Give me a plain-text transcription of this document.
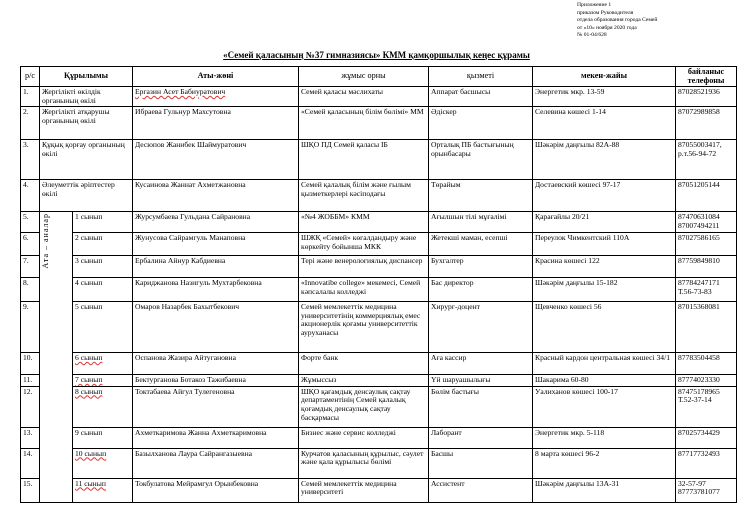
Приложение 1
приказом Руководителя
отдела образования города Семей
от «10» ноября 2020 года
№ 01-04/628
«Семей қаласының №37 гимназиясы» КММ қамқоршылық кеңес құрамы
р/с	Құрылымы		Аты-жөні	жұмыс орны	қызметі	мекен-жайы	байланыс телефоны
1.	Жергілікті өкілдік органының өкілі		Ергазин Асет Бабиуратович	Семей қаласы мәслихаты	Аппарат басшысы	Энергетик мкр. 13-59	87028521936
2.	Жергілікті атқарушы органының өкілі		Ибраева Гульнур Махсутовна	«Семей қаласының білім бөлімі» ММ	Әдіскер	Селевина көшесі 1-14	87072989858
3.	Құқық қорғау органының өкілі		Десюпов Жанибек Шаймуратович	ШҚО ПД Семей қаласы ІБ	Орталық ПБ бастығының орынбасары	Шәкәрім даңғылы 82А-88	87055003417, р.т.56-94-72
4.	Әлеуметтік әріптестер өкілі		Кусаинова Жаннат Ахметжановна	Семей қалалық білім және ғылым қызметкерлері кәсіподағы	Төрайым	Достаевский көшесі 97-17	87051205144
5.	Ата – аналар	1 сынып	Журсумбаева Гульдана Сайрановна	«№4 ЖОББМ» КММ	Ағылшын тілі мұғалімі	Қарағайлы 20/21	87470631084 87007494211
6.		2 сынып	Жунусова Сайрамгуль Манаповна	ШЖҚ «Семей» көгалдандыру және көркейту бойынша МКК	Жетекші маман, есепші	Переулок Чимкентский 110А	87027586165
7.		3 сынып	Ербалина Айнур Кабдиевна	Тері және венерологиялық диспансер	Бухгалтер	Красина көшесі 122	87759849810
8.		4 сынып	Кариджанова Назигуль Мухтарбековна	«Innovatibe college» мекемесі, Семей кәпсалалы колледжі	Бас директор	Шәкәрім даңғылы 15-182	87784247171 Т.56-73-83
9.		5 сынып	Омаров Назарбек Бахытбекович	Семей мемлекеттік медицина университетінің коммерциялық емес акционерлік қоғамы университеттік ауруханасы	Хирург-доцент	Щевченко көшесі 56	87015368081
10.		6 сынып	Оспанова Жазира Айтугановна	Форте банк	Аға кассир	Красный кардон центральная көшесі 34/1	87783504458
11.		7 сынып	Бектурганова Ботакоз Тажибаевна	Жұмыссыз	Үй шаруашылығы	Шакарима 60-80	87774023330
12.		8 сынып	Токтабаева Айгул Тулегеновна	ШҚО қағамдық денсаулық сақтау департаментінің Семей қалалық қоғамдық денсаулық сақтау басқармасы	Бөлім бастығы	Уалиханов көшесі 100-17	87475178965 Т.52-37-14
13.		9 сынып	Ахметкаримова Жанна Ахметкаримовна	Бизнес және сервис колледжі	Лаборант	Энергетик мкр. 5-118	87025734429
14.		10 сынып	Базылханова Лаура Сайрангазыевна	Курчатов қаласының құрылыс, сәулет және қала құрылысы бөлімі	Басшы	8 марта көшесі 96-2	87717732493
15.		11 сынып	Токбулатова Мейрамгул Орынбековна	Семей мемлекеттік медицина университеті	Ассистент	Шәкәрім даңғылы 13А-31	32-57-97 87773781077
